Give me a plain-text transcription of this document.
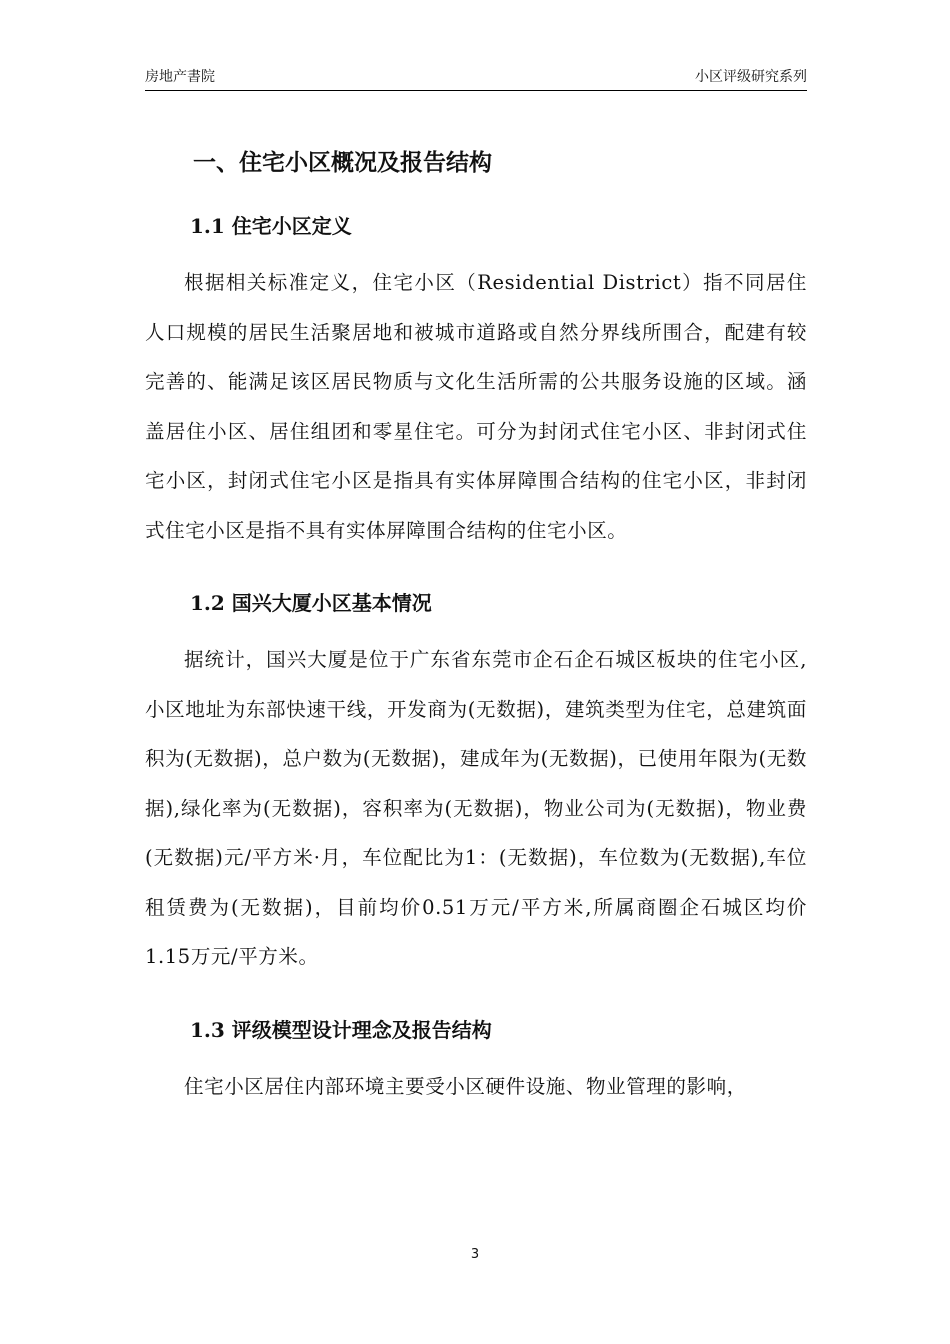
房地产書院	小区评级研究系列
一、住宅小区概况及报告结构
1.1 住宅小区定义

根据相关标准定义，住宅小区（Residential District）指不同居住人口规模的居民生活聚居地和被城市道路或自然分界线所围合，配建有较完善的、能满足该区居民物质与文化生活所需的公共服务设施的区域。涵盖居住小区、居住组团和零星住宅。可分为封闭式住宅小区、非封闭式住宅小区，封闭式住宅小区是指具有实体屏障围合结构的住宅小区，非封闭式住宅小区是指不具有实体屏障围合结构的住宅小区。

1.2 国兴大厦小区基本情况

据统计，国兴大厦是位于广东省东莞市企石企石城区板块的住宅小区,小区地址为东部快速干线，开发商为(无数据)，建筑类型为住宅，总建筑面积为(无数据)，总户数为(无数据)，建成年为(无数据)，已使用年限为(无数据),绿化率为(无数据)，容积率为(无数据)，物业公司为(无数据)，物业费(无数据)元/平方米·月，车位配比为1：(无数据)，车位数为(无数据),车位租赁费为(无数据)，目前均价0.51万元/平方米,所属商圈企石城区均价1.15万元/平方米。

1.3 评级模型设计理念及报告结构

住宅小区居住内部环境主要受小区硬件设施、物业管理的影响，

3
